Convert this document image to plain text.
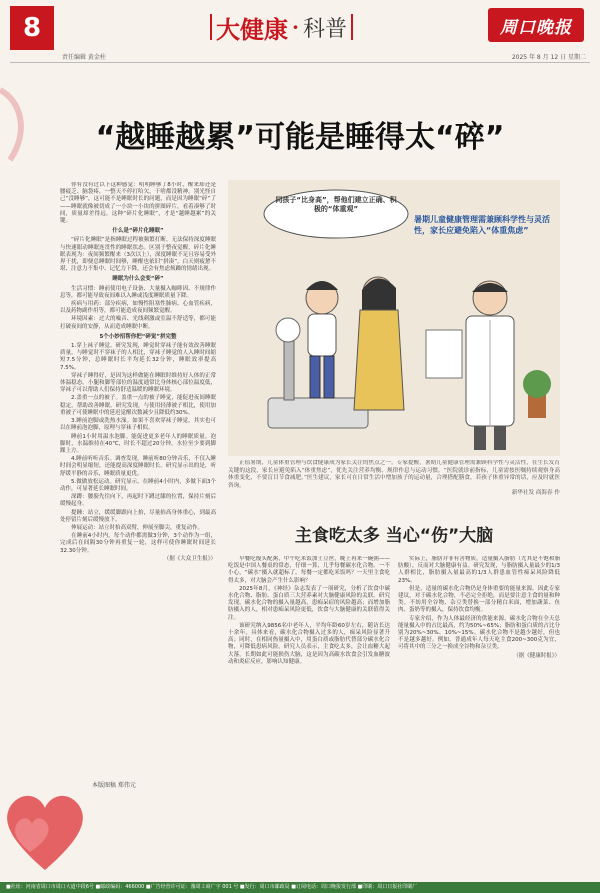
8
责任编辑 黄金柱
大健康 · 科普	周口晚报
2025 年 8 月 12 日 星期二
“越睡越累”可能是睡得太“碎”

你有没有过以下这种感觉：明明睡够了8小时，醒来却还是腰疲乏、脑袋疼，一整天不停打哈欠，干啥都没精神。别光怪自己“没睡够”，这可能不是睡眠时长的问题，而是因为睡眠“碎”了——睡眠就像被切成了一小块一小块的拼图碎片，看着凑够了时间，质量却差得远。这种“碎片化睡眠”，才是“越睡越累”的关键。

什么是“碎片化睡眠”

“碎片化睡眠”是指睡眠过程被频繁打断，无法保持深度睡眠与快速眼动睡眠连贯性的睡眠状态。区别于整夜觉醒，碎片化睡眠表现为：夜间频繁醒来（3次以上），深度睡眠不足且容易受外界干扰，即便总睡眠时间够，睡醒也依旧“拼凑”。白天则疲惫不堪、注意力不集中、记忆力下降，还会有焦虑烦躁的情绪出现。

睡眠为什么会变“碎”

生活习惯：睡前使用电子设备、大量摄入咖啡因、不规律作息等，都可能导致夜间难以入睡或浅度睡眠质量下降。

疾病与用药：部分疾病，如慢性阻塞性肺病、心血管疾病，以及药物副作用等，都可能造成夜间频繁觉醒。

环境因素：过大的噪音、光线刺激或室温不舒适等，都可能打破夜间的安静，从而造成睡眠中断。

5个小妙招帮你把“碎觉”拼完整

1.穿上袜子睡觉。研究发现，睡觉时穿袜子能有效改善睡眠质量。与睡觉时不穿袜子的人相比，穿袜子睡觉的人入睡时间缩短7.5分钟，总睡眠时长平均延长32分钟，睡眠效率提高7.5%。

穿袜子睡得好，是因为这样做能在睡眠时维持好人体的正常体温稳态。小腿和脚等部位的温度通常比身体核心部位温度低，穿袜子可以帮助人们保持舒适温暖的睡眠环境。

2.盖重一点的被子。盖重一点的被子睡觉，能促进夜间睡眠稳定，帮助改善睡眠。研究发现，与使用轻薄被子相比，使用加重被子可使睡眠中的延迟觉醒次数减少且降低约30%。

3.睡前泡脚或洗热水澡。如果不喜欢穿袜子睡觉，其实也可以在睡前泡泡脚，原理与穿袜子相似。

睡前1小时用温水泡脚。能促进更多老年人的睡眠质量。泡脚时，水温维持在40℃，时长不超过20分钟，水位至少要到脚踝上方。

4.睡前听听音乐。调查发现，睡前听80分钟音乐，不仅入睡时间会明显缩短，还能提高深度睡眠时长。研究显示出的是，听舒缓平静的音乐，睡眠质量更优。

5.做做放松运动。研究显示，在睡前4小时内，多做下面3个动作，可显著延长睡眠时间。

深蹲：腰膀先往向下，再起时下蹲过膝的位置，保持片刻后缓慢起身。

提踵：站立，缓缓脚跟向上抬，尽量抬高身体重心，到最高处停留片刻后缓慢放下。

伸展运动：站立时抬高双臂，伸展至脚尖，重复动作。

在睡前4小时内，每个动作都需做3分钟，3个动作为一组，完成后在间隔30分钟再重复一轮，这样可使你睡眠时间延长32.30分钟。

（据《大众卫生报》）

本版图稿 郑伟元
同孩子“比身高”，帮他们建立正确、积极的“体重观”
暑期儿童健康管理需兼顾科学性与灵活性，家长应避免陷入“体重焦虑”

正值暑期，儿童体重管理与饮食健康成为家长关注的焦点之一。专家提醒，暑期儿童健康管理需兼顾科学性与灵活性，在生长发育关键的这段，家长应避免陷入“体重焦虑”，优先关注营养均衡、规律作息与运动习惯。“医院就诊前指标，儿童需按医嘱持续观察身高体重变化，不要盲目节食减肥。”医生建议，家长可在日常生活中增加孩子的运动量，合理搭配膳食，若孩子体重异常的话，应及时就医咨询。

新华社发 商海春 作

主食吃太多 当心“伤”大脑

早餐吃馒头配粥，中午吃米饭加土豆丝，晚上再来一碗粥——吃饭是中国人餐桌的常态，仔细一算，几乎每餐碳水化合物。一不小心，“碳水”摄入就超标了。每餐一定都吃米饭吗？一天里主食吃得太多，对大脑会产生什么影响？

2025年8月，《神经》杂志发表了一项研究，分析了饮食中碳水化合物、脂肪、蛋白质三大营养素对大脑健康风险的关联。研究发现，碳水化合物的摄入量越高，患痴呆症的风险越高；而增加脂肪摄入的人，相对患痴呆风险更低，饮食与大脑健康的关联值得关注。

该研究纳入9856名中老年人，平均年龄60岁左右，随访长达十余年。具体来看，碳水化合物摄入过多的人，痴呆风险显著升高；同时，在相同热量摄入中，用蛋白质或脂肪代替部分碳水化合物，可降低患病风险。研究人员表示，主食吃太多，会让血糖大起大落，长期如此可能损伤大脑，这是因为高碳水饮食会引发血糖波动和炎症反应，影响认知健康。

实际上，脂肪并非有害物质，适量摄入脂肪（尤其是不饱和脂肪酸），反而对大脑健康有益。研究发现，与脂肪摄入量最少的1/3人群相比，脂肪摄入量最高的1/3人群患血管性痴呆风险降低23%。

但是，适量的碳水化合物仍是身体重要的能量来源。因此专家建议，对于碳水化合物，不必完全拒绝，而是要注意主食的量和种类。不妨用全谷物、杂豆类替换一部分精白米面，增加蔬菜、鱼肉、蛋奶等的摄入，保持饮食均衡。

专家介绍，作为人体最经济的供能来源，碳水化合物在全天总能量摄入中的占比最高，约为50%~65%；脂肪和蛋白质的占比分别为20%~30%、10%~15%。碳水化合物不是越少越好，但也不是越多越好。例如，普通成年人每天吃主食200~300克为宜，可将其中的三分之一换成全谷物和杂豆类。

（据《健康时报》）

■社址：河南省周口市周口大道中段6号 ■邮政编码：466000 ■广告经营许可证：豫周工商广字 001 号 ■发行：周口市邮政局 ■订阅电话：周口晚报发行部 ■印刷：周口日报社印刷厂
